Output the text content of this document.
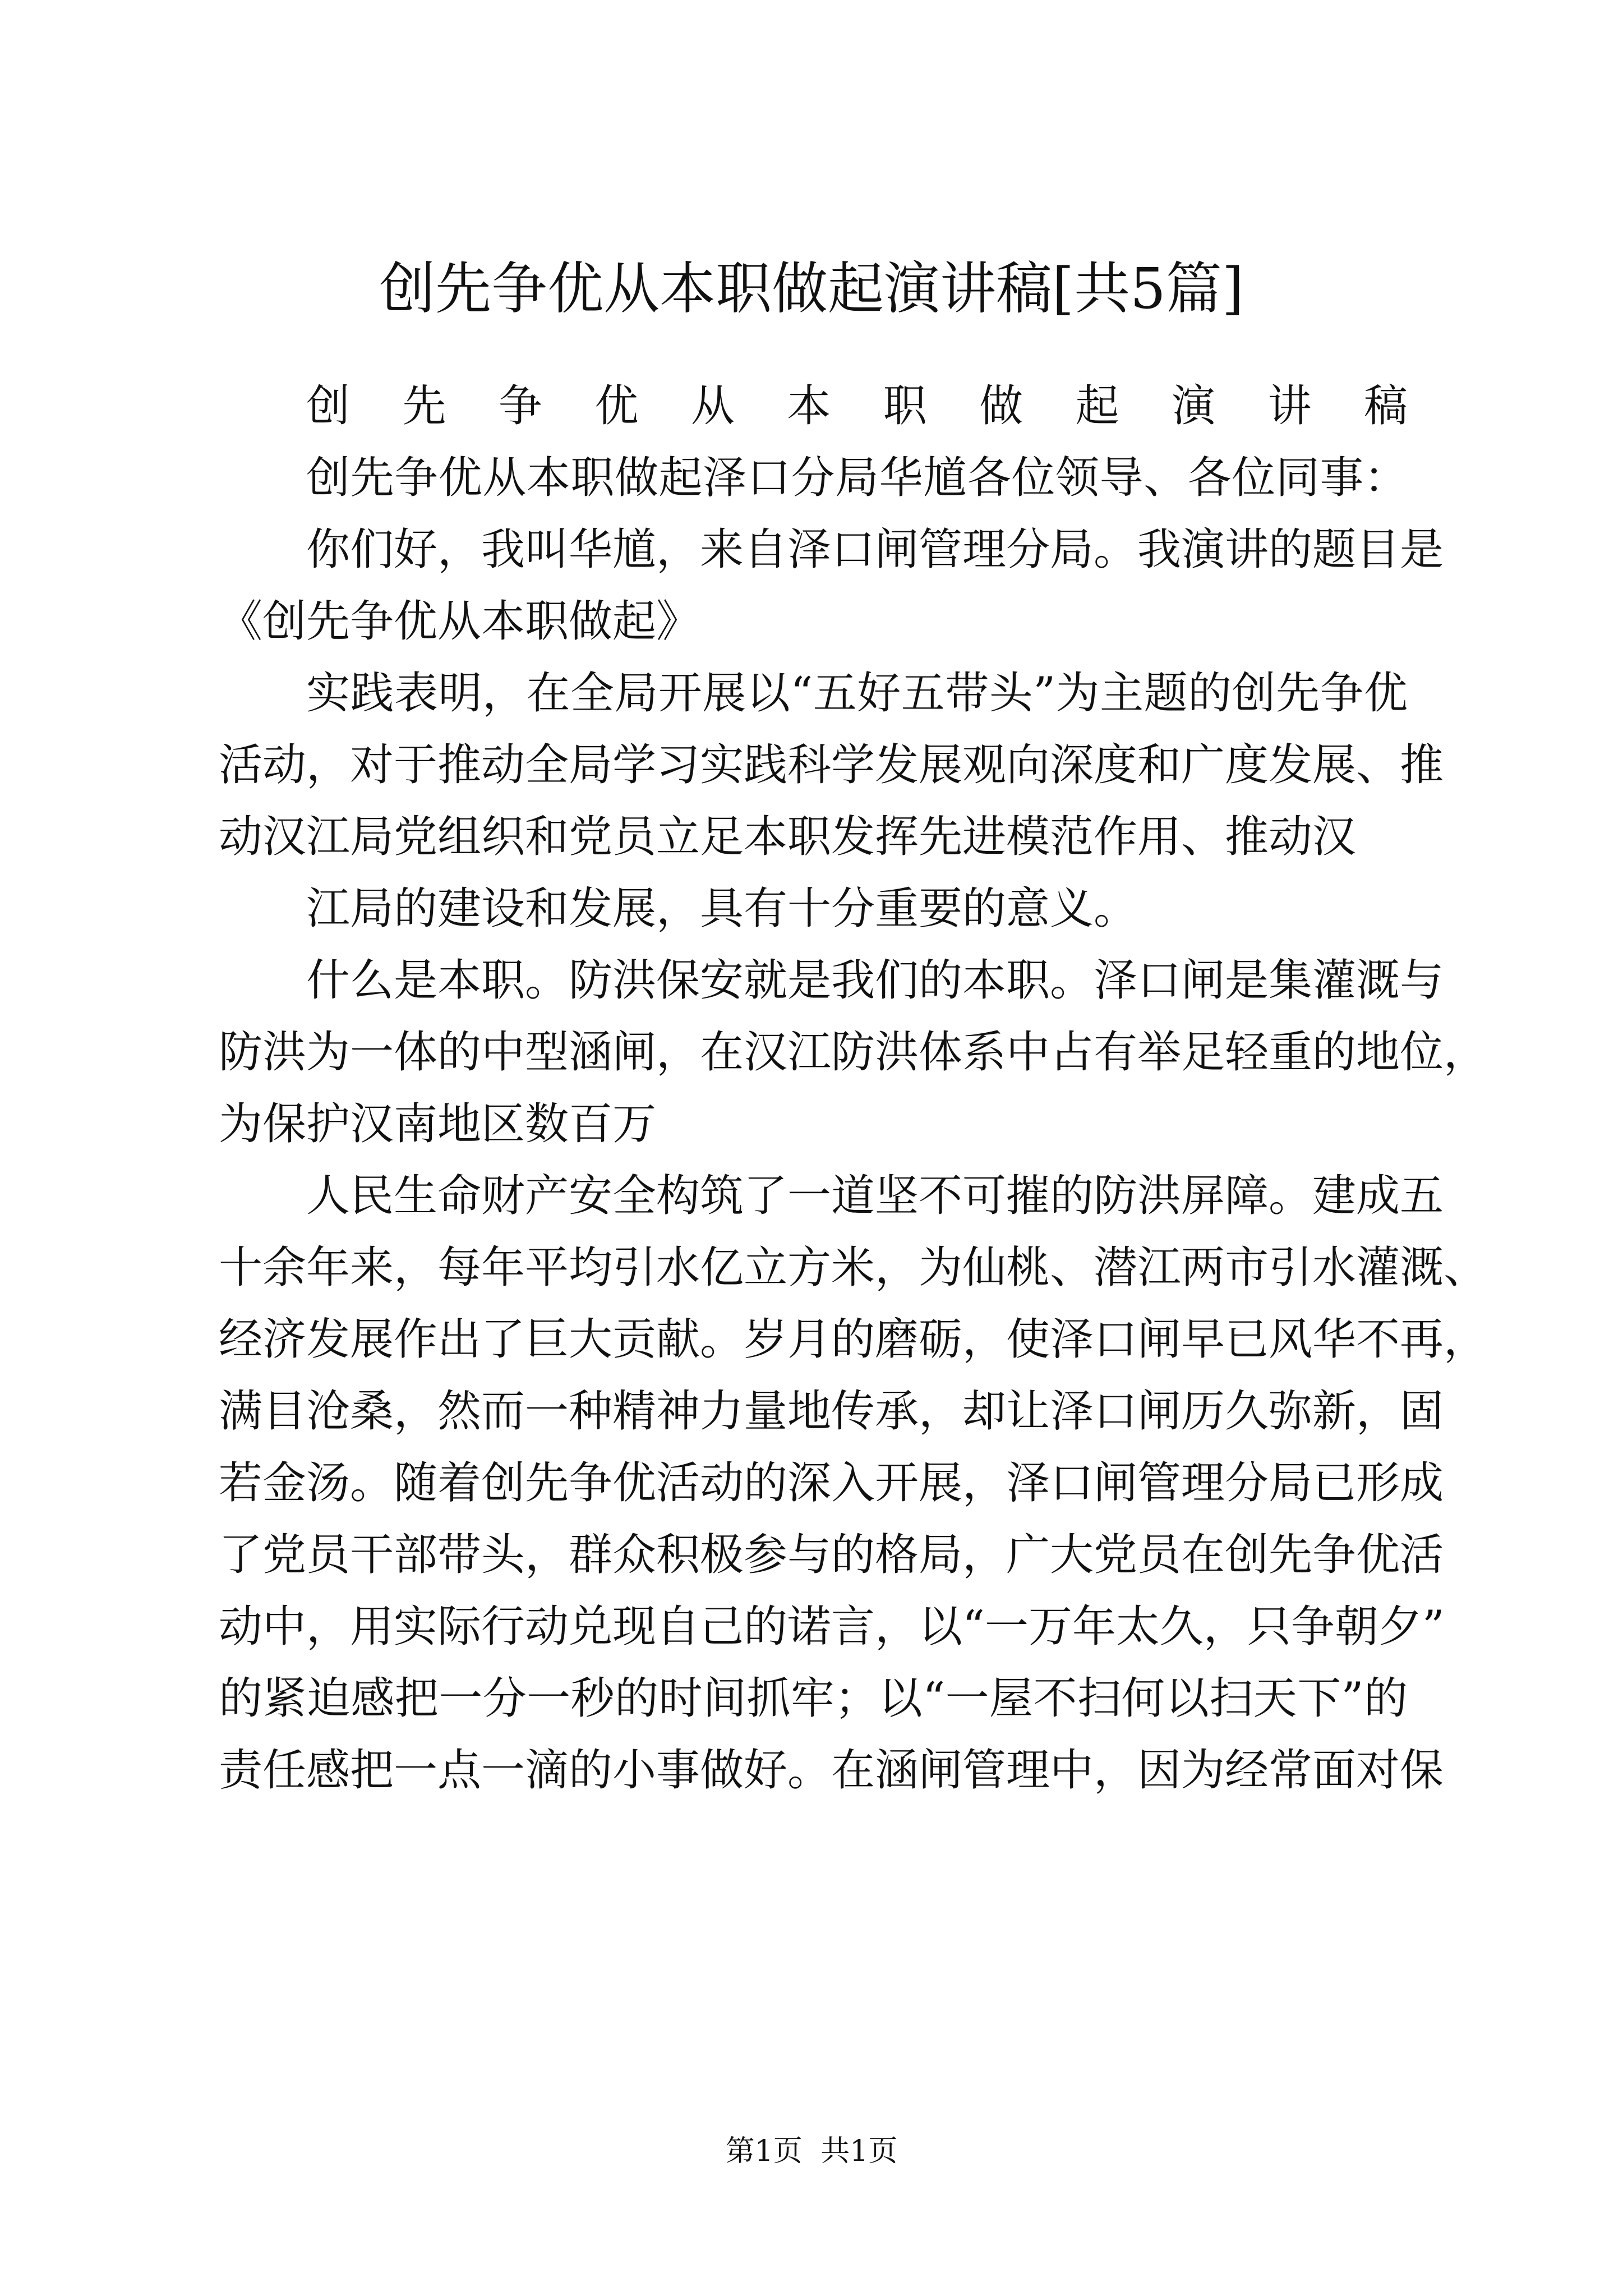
创先争优从本职做起演讲稿[共5篇]
创先争优从本职做起演讲稿
创先争优从本职做起泽口分局华馗各位领导、各位同事：
你们好，我叫华馗，来自泽口闸管理分局。我演讲的题目是
《创先争优从本职做起》
实践表明，在全局开展以“五好五带头”为主题的创先争优
活动，对于推动全局学习实践科学发展观向深度和广度发展、推
动汉江局党组织和党员立足本职发挥先进模范作用、推动汉
江局的建设和发展，具有十分重要的意义。
什么是本职。防洪保安就是我们的本职。泽口闸是集灌溉与
防洪为一体的中型涵闸，在汉江防洪体系中占有举足轻重的地位，
为保护汉南地区数百万
人民生命财产安全构筑了一道坚不可摧的防洪屏障。建成五
十余年来，每年平均引水亿立方米，为仙桃、潜江两市引水灌溉、
经济发展作出了巨大贡献。岁月的磨砺，使泽口闸早已风华不再，
满目沧桑，然而一种精神力量地传承，却让泽口闸历久弥新，固
若金汤。随着创先争优活动的深入开展，泽口闸管理分局已形成
了党员干部带头，群众积极参与的格局，广大党员在创先争优活
动中，用实际行动兑现自己的诺言，以“一万年太久，只争朝夕”
的紧迫感把一分一秒的时间抓牢；以“一屋不扫何以扫天下”的
责任感把一点一滴的小事做好。在涵闸管理中，因为经常面对保
第1页 共1页
